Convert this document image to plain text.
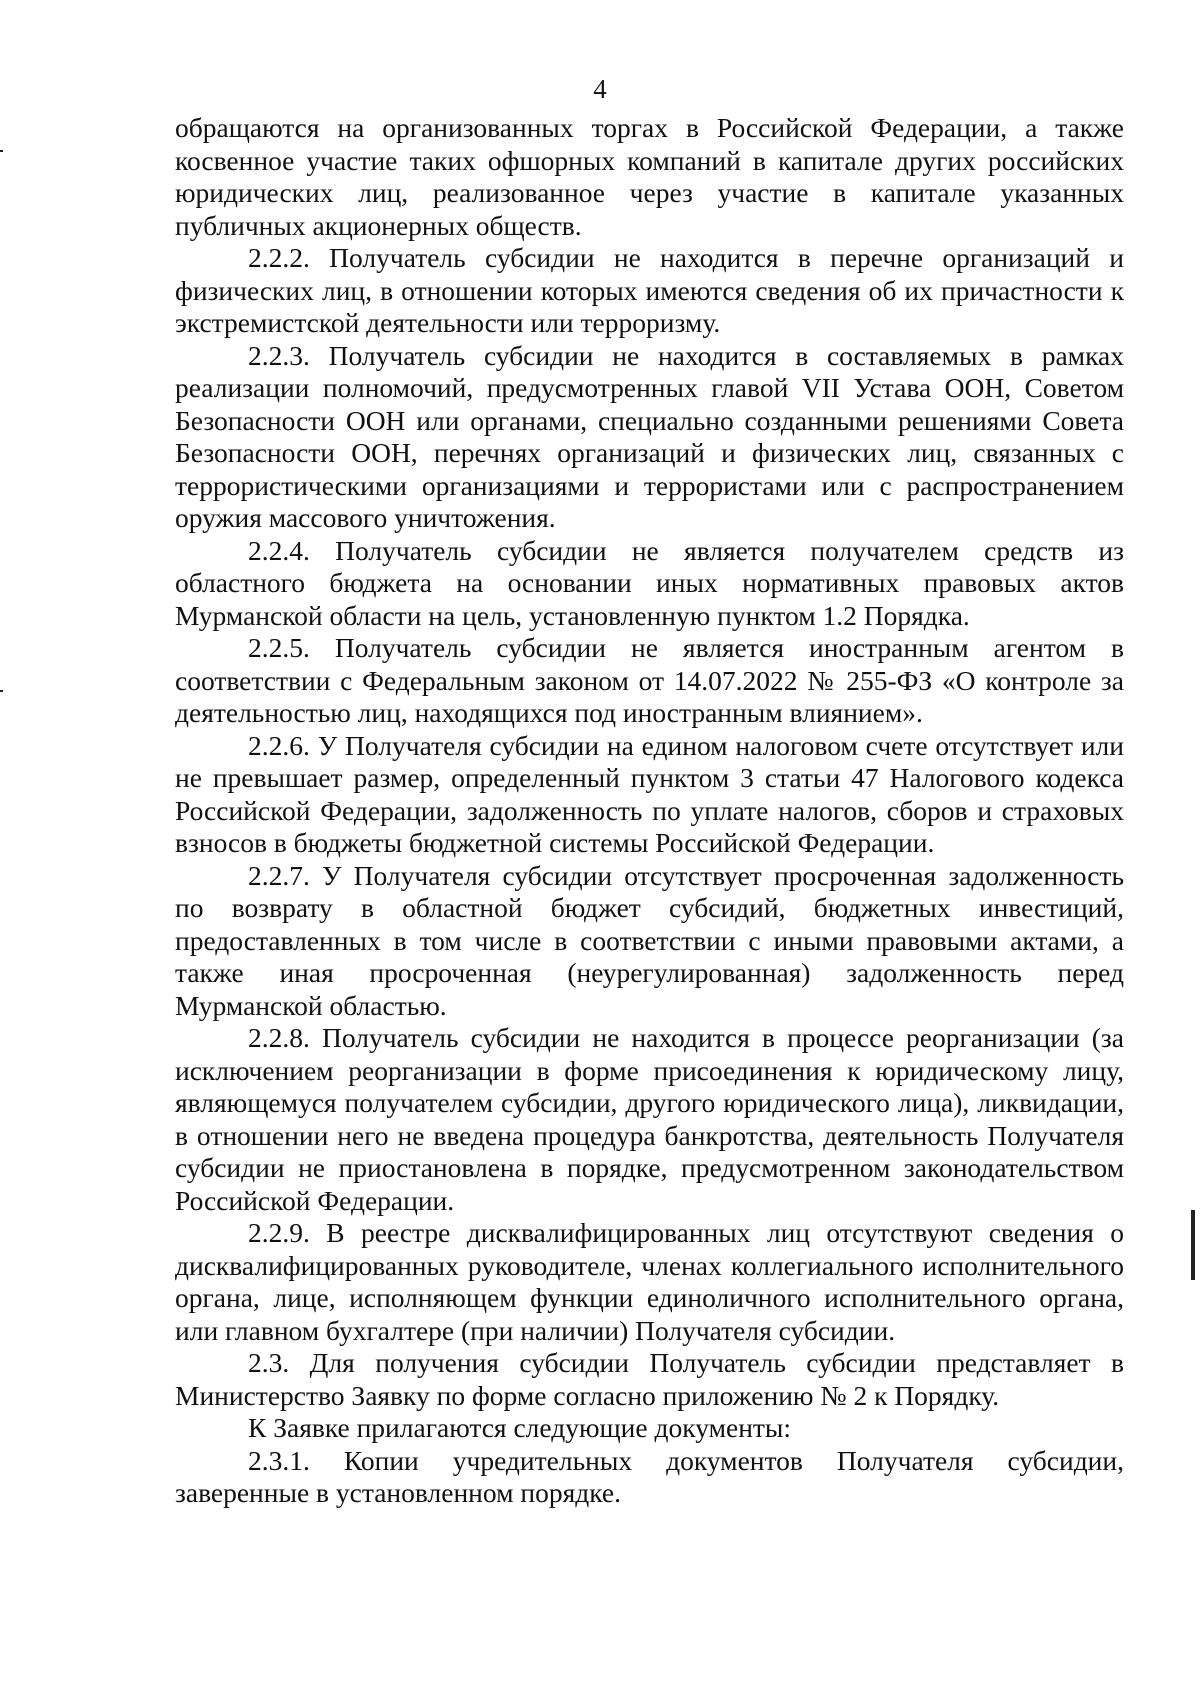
4

обращаются на организованных торгах в Российской Федерации, а также косвенное участие таких офшорных компаний в капитале других российских юридических лиц, реализованное через участие в капитале указанных публичных акционерных обществ.

2.2.2. Получатель субсидии не находится в перечне организаций и физических лиц, в отношении которых имеются сведения об их причастности к экстремистской деятельности или терроризму.

2.2.3. Получатель субсидии не находится в составляемых в рамках реализации полномочий, предусмотренных главой VII Устава ООН, Советом Безопасности ООН или органами, специально созданными решениями Совета Безопасности ООН, перечнях организаций и физических лиц, связанных с террористическими организациями и террористами или с распространением оружия массового уничтожения.

2.2.4. Получатель субсидии не является получателем средств из областного бюджета на основании иных нормативных правовых актов Мурманской области на цель, установленную пунктом 1.2 Порядка.

2.2.5. Получатель субсидии не является иностранным агентом в соответствии с Федеральным законом от 14.07.2022 № 255-ФЗ «О контроле за деятельностью лиц, находящихся под иностранным влиянием».

2.2.6. У Получателя субсидии на едином налоговом счете отсутствует или не превышает размер, определенный пунктом 3 статьи 47 Налогового кодекса Российской Федерации, задолженность по уплате налогов, сборов и страховых взносов в бюджеты бюджетной системы Российской Федерации.

2.2.7. У Получателя субсидии отсутствует просроченная задолженность по возврату в областной бюджет субсидий, бюджетных инвестиций, предоставленных в том числе в соответствии с иными правовыми актами, а также иная просроченная (неурегулированная) задолженность перед Мурманской областью.

2.2.8. Получатель субсидии не находится в процессе реорганизации (за исключением реорганизации в форме присоединения к юридическому лицу, являющемуся получателем субсидии, другого юридического лица), ликвидации, в отношении него не введена процедура банкротства, деятельность Получателя субсидии не приостановлена в порядке, предусмотренном законодательством Российской Федерации.

2.2.9. В реестре дисквалифицированных лиц отсутствуют сведения о дисквалифицированных руководителе, членах коллегиального исполнительного органа, лице, исполняющем функции единоличного исполнительного органа, или главном бухгалтере (при наличии) Получателя субсидии.

2.3. Для получения субсидии Получатель субсидии представляет в Министерство Заявку по форме согласно приложению № 2 к Порядку.

К Заявке прилагаются следующие документы:

2.3.1. Копии учредительных документов Получателя субсидии, заверенные в установленном порядке.
